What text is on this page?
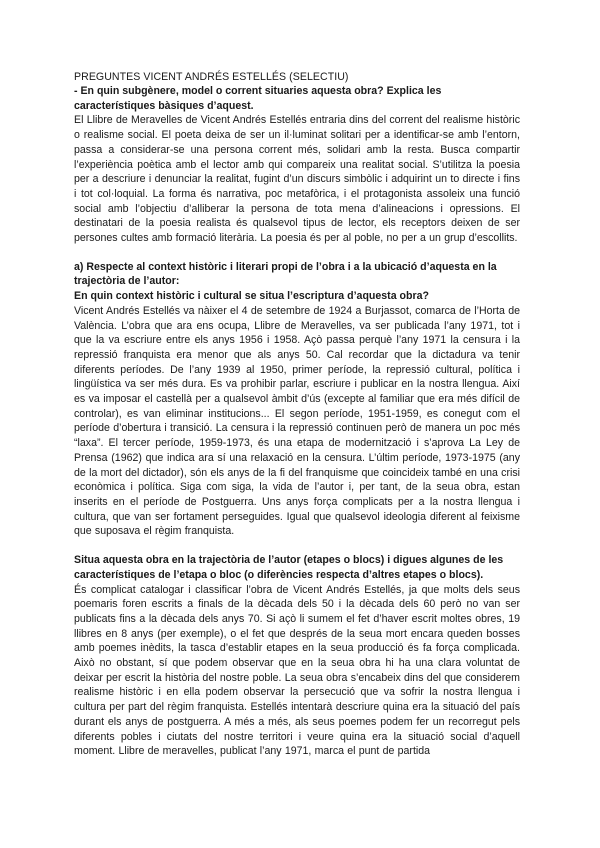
PREGUNTES VICENT ANDRÉS ESTELLÉS (SELECTIU)

- En quin subgènere, model o corrent situaries aquesta obra? Explica les característiques bàsiques d’aquest.

El Llibre de Meravelles de Vicent Andrés Estellés entraria dins del corrent del realisme històric o realisme social. El poeta deixa de ser un il·luminat solitari per a identificar-se amb l’entorn, passa a considerar-se una persona corrent més, solidari amb la resta. Busca compartir l’experiència poètica amb el lector amb qui compareix una realitat social. S’utilitza la poesia per a descriure i denunciar la realitat, fugint d’un discurs simbòlic i adquirint un to directe i fins i tot col·loquial. La forma és narrativa, poc metafòrica, i el protagonista assoleix una funció social amb l’objectiu d’alliberar la persona de tota mena d’alineacions i opressions. El destinatari de la poesia realista és qualsevol tipus de lector, els receptors deixen de ser persones cultes amb formació literària. La poesia és per al poble, no per a un grup d’escollits.

a) Respecte al context històric i literari propi de l’obra i a la ubicació d’aquesta en la trajectòria de l’autor:

En quin context històric i cultural se situa l’escriptura d’aquesta obra?

Vicent Andrés Estellés va nàixer el 4 de setembre de 1924 a Burjassot, comarca de l’Horta de València. L’obra que ara ens ocupa, Llibre de Meravelles, va ser publicada l’any 1971, tot i que la va escriure entre els anys 1956 i 1958. Açò passa perquè l’any 1971 la censura i la repressió franquista era menor que als anys 50. Cal recordar que la dictadura va tenir diferents períodes. De l’any 1939 al 1950, primer període, la repressió cultural, política i lingüística va ser més dura. Es va prohibir parlar, escriure i publicar en la nostra llengua. Així es va imposar el castellà per a qualsevol àmbit d’ús (excepte al familiar que era més difícil de controlar), es van eliminar institucions... El segon període, 1951-1959, es conegut com el període d’obertura i transició. La censura i la repressió continuen però de manera un poc més “laxa”. El tercer període, 1959-1973, és una etapa de modernització i s’aprova La Ley de Prensa (1962) que indica ara sí una relaxació en la censura. L’últim període, 1973-1975 (any de la mort del dictador), són els anys de la fi del franquisme que coincideix també en una crisi econòmica i política. Siga com siga, la vida de l’autor i, per tant, de la seua obra, estan inserits en el període de Postguerra. Uns anys força complicats per a la nostra llengua i cultura, que van ser fortament perseguides. Igual que qualsevol ideologia diferent al feixisme que suposava el règim franquista.

Situa aquesta obra en la trajectòria de l’autor (etapes o blocs) i digues algunes de les característiques de l’etapa o bloc (o diferències respecta d’altres etapes o blocs).

És complicat catalogar i classificar l’obra de Vicent Andrés Estellés, ja que molts dels seus poemaris foren escrits a finals de la dècada dels 50 i la dècada dels 60 però no van ser publicats fins a la dècada dels anys 70. Si açò li sumem el fet d’haver escrit moltes obres, 19 llibres en 8 anys (per exemple), o el fet que després de la seua mort encara queden bosses amb poemes inèdits, la tasca d’establir etapes en la seua producció és fa força complicada. Això no obstant, sí que podem observar que en la seua obra hi ha una clara voluntat de deixar per escrit la història del nostre poble. La seua obra s’encabeix dins del que considerem realisme històric i en ella podem observar la persecució que va sofrir la nostra llengua i cultura per part del règim franquista. Estellés intentarà descriure quina era la situació del país durant els anys de postguerra. A més a més, als seus poemes podem fer un recorregut pels diferents pobles i ciutats del nostre territori i veure quina era la situació social d’aquell moment. Llibre de meravelles, publicat l’any 1971, marca el punt de partida
